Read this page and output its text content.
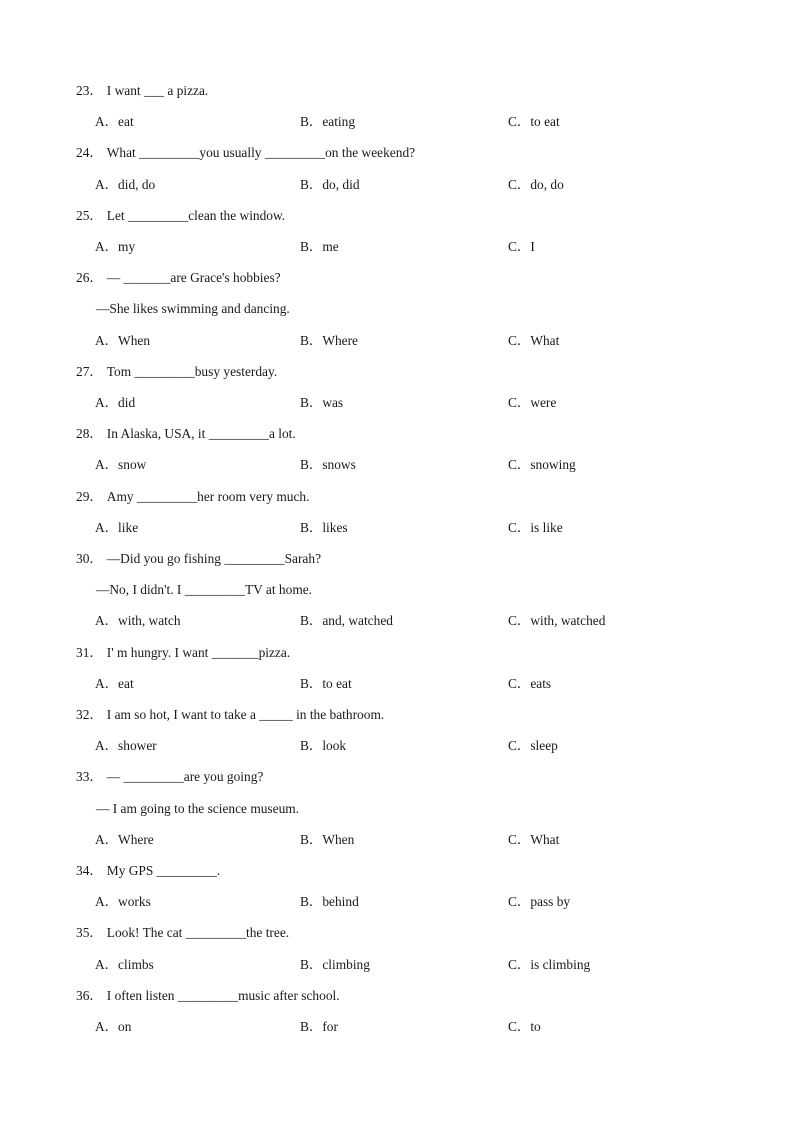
23． I want ___ a pizza.
A．eat	B．eating	C．to eat
24． What _________you usually _________on the weekend?
A．did, do	B．do, did	C．do, do
25． Let _________clean the window.
A．my	B．me	C．I
26． — _______are Grace's hobbies?
—She likes swimming and dancing.
A．When	B．Where	C．What
27． Tom _________busy yesterday.
A．did	B．was	C．were
28． In Alaska, USA, it _________a lot.
A．snow	B．snows	C．snowing
29． Amy _________her room very much.
A．like	B．likes	C．is like
30． —Did you go fishing _________Sarah?
—No, I didn't. I _________TV at home.
A．with, watch	B．and, watched	C．with, watched
31． I' m hungry. I want _______pizza.
A．eat	B．to eat	C．eats
32． I am so hot, I want to take a _____ in the bathroom.
A．shower	B．look	C．sleep
33． — _________are you going?
— I am going to the science museum.
A．Where	B．When	C．What
34． My GPS _________.
A．works	B．behind	C．pass by
35． Look! The cat _________the tree.
A．climbs	B．climbing	C．is climbing
36． I often listen _________music after school.
A．on	B．for	C．to
